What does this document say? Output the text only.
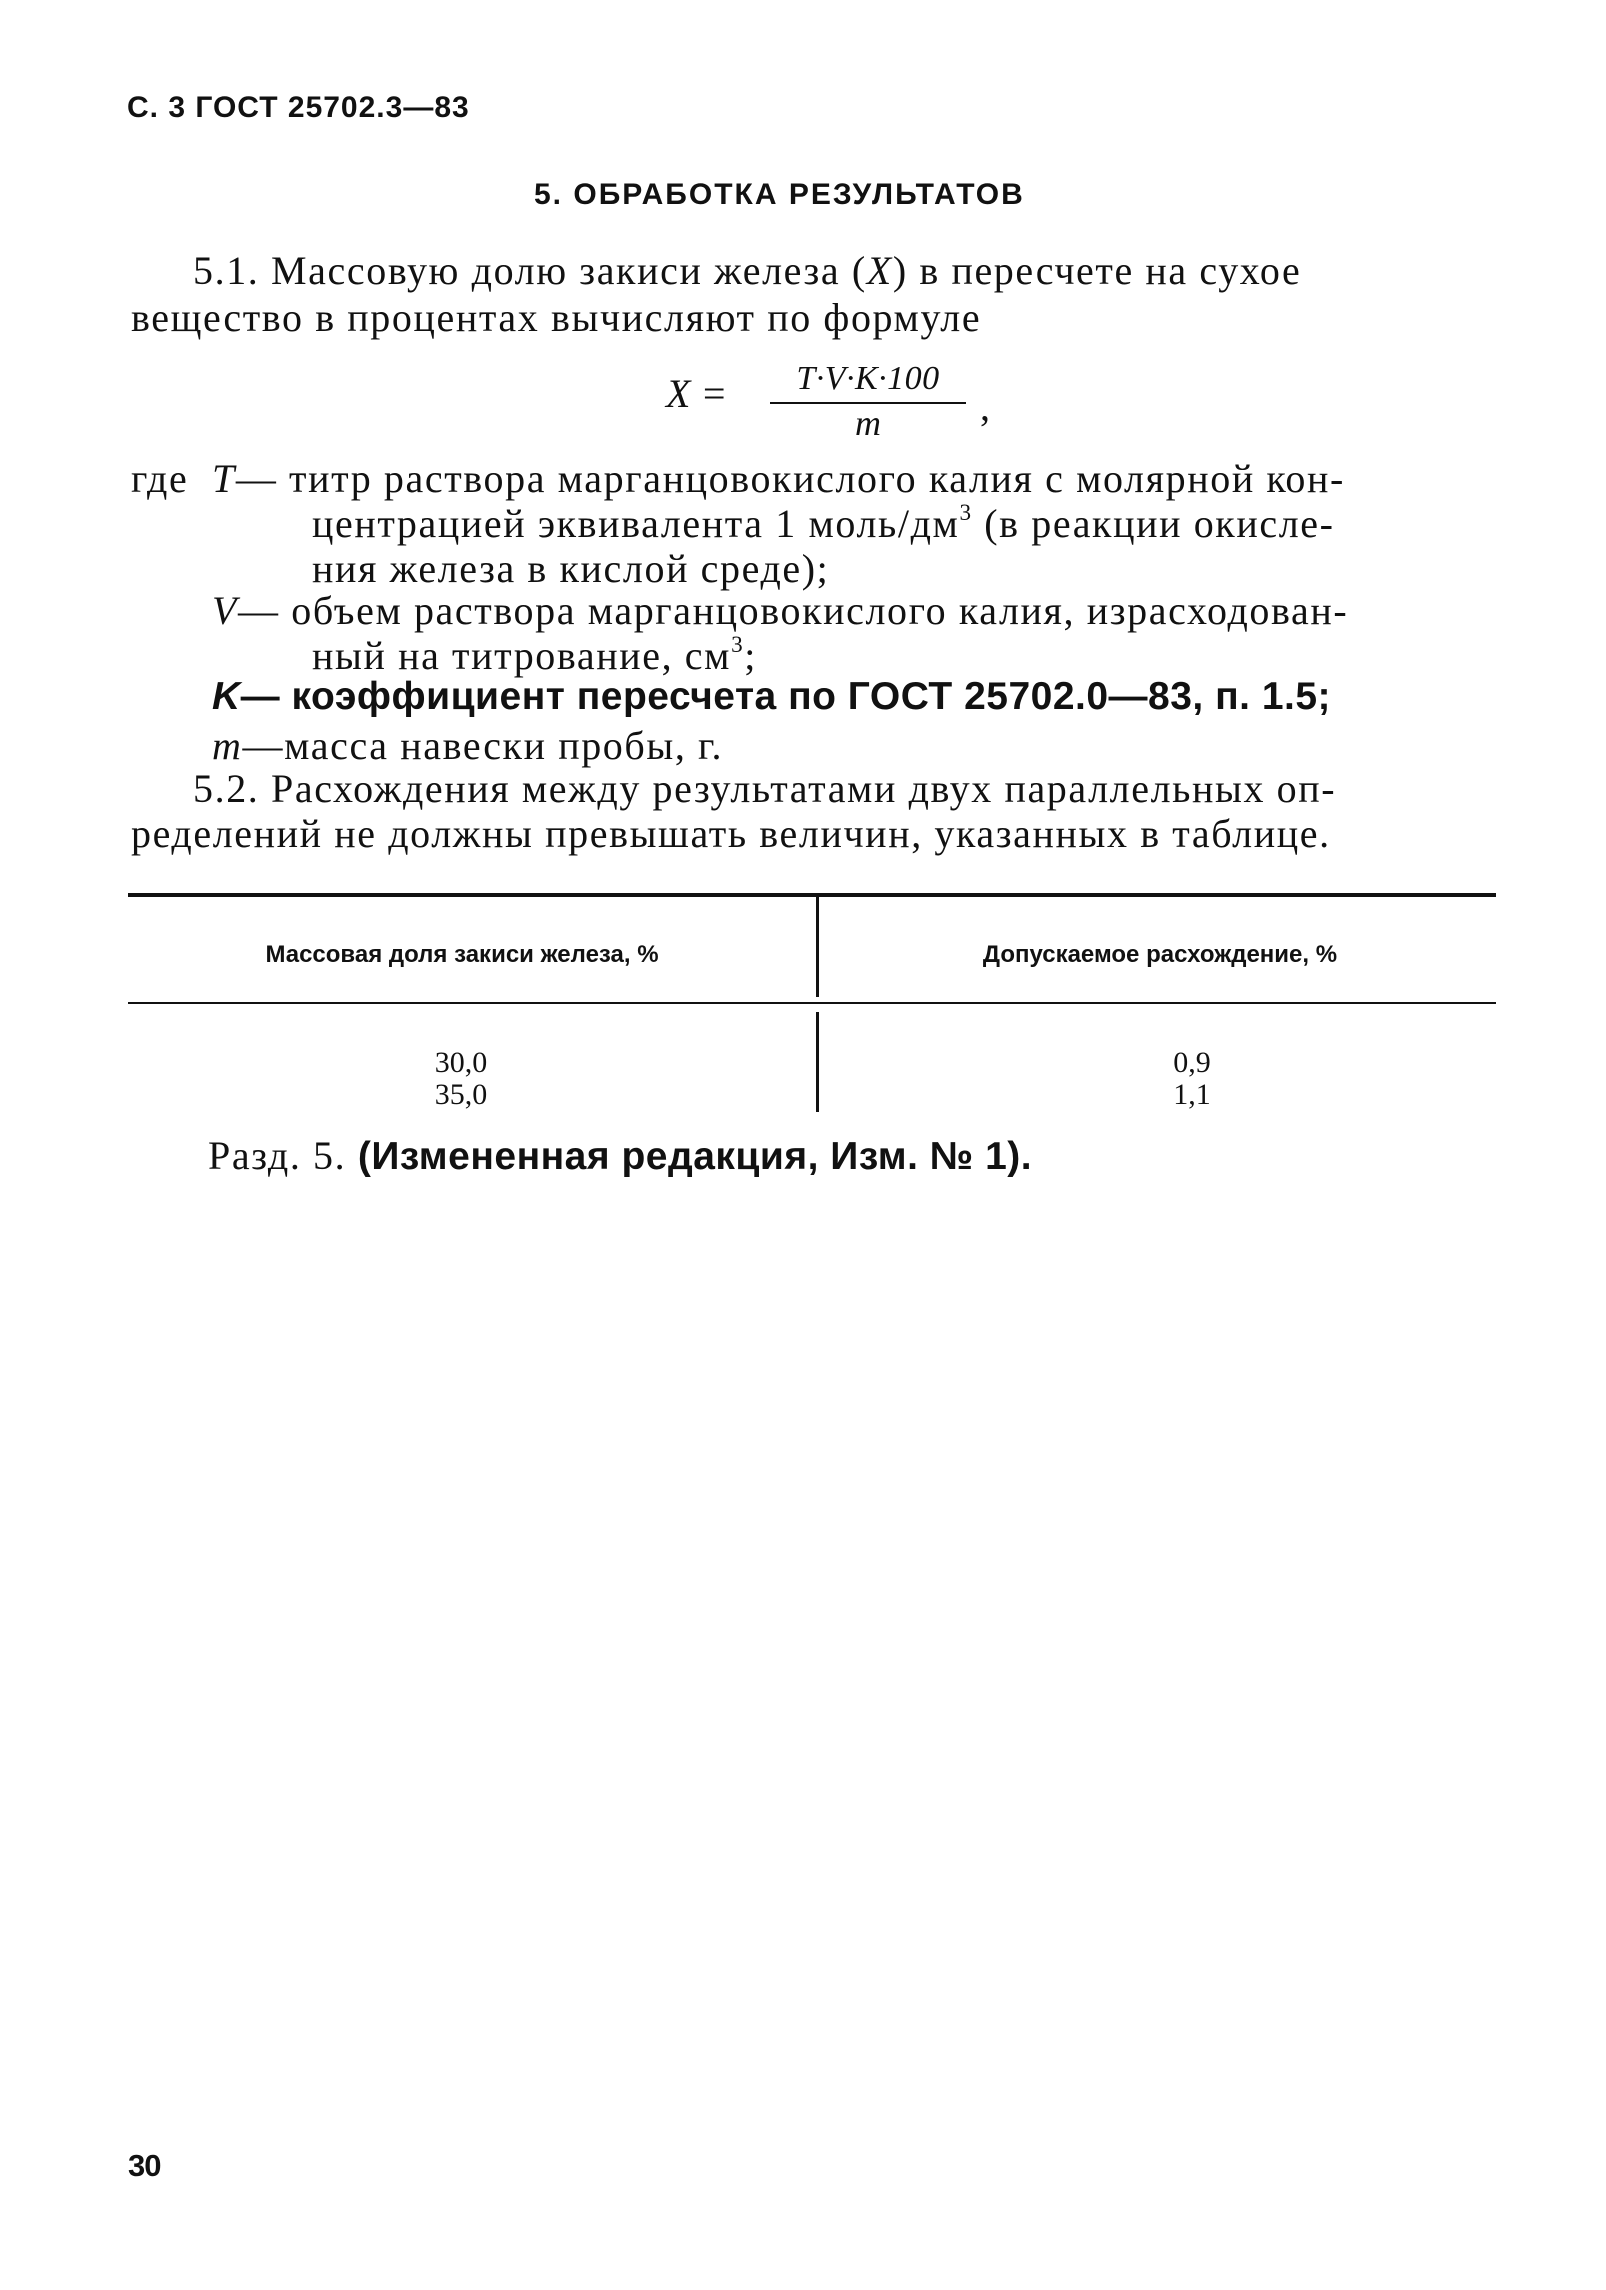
С. 3 ГОСТ 25702.3—83
5. ОБРАБОТКА РЕЗУЛЬТАТОВ
5.1. Массовую долю закиси железа (X) в пересчете на сухое
вещество в процентах вычисляют по формуле
X =	T·V·K·100
m	,
где T— титр раствора марганцовокислого калия с молярной кон-
центрацией эквивалента 1 моль/$дм^3$ (в реакции окисле-
ния железа в кислой среде);
V— объем раствора марганцовокислого калия, израсходован-
ный на титрование, $см^3$;
K— коэффициент пересчета по ГОСТ 25702.0—83, п. 1.5;
m—масса навески пробы, г.
5.2. Расхождения между результатами двух параллельных оп-
ределений не должны превышать величин, указанных в таблице.
Массовая доля закиси железа, %	Допускаемое расхождение, %
30,0	0,9
35,0	1,1
Разд. 5. (Измененная редакция, Изм. № 1).
30
